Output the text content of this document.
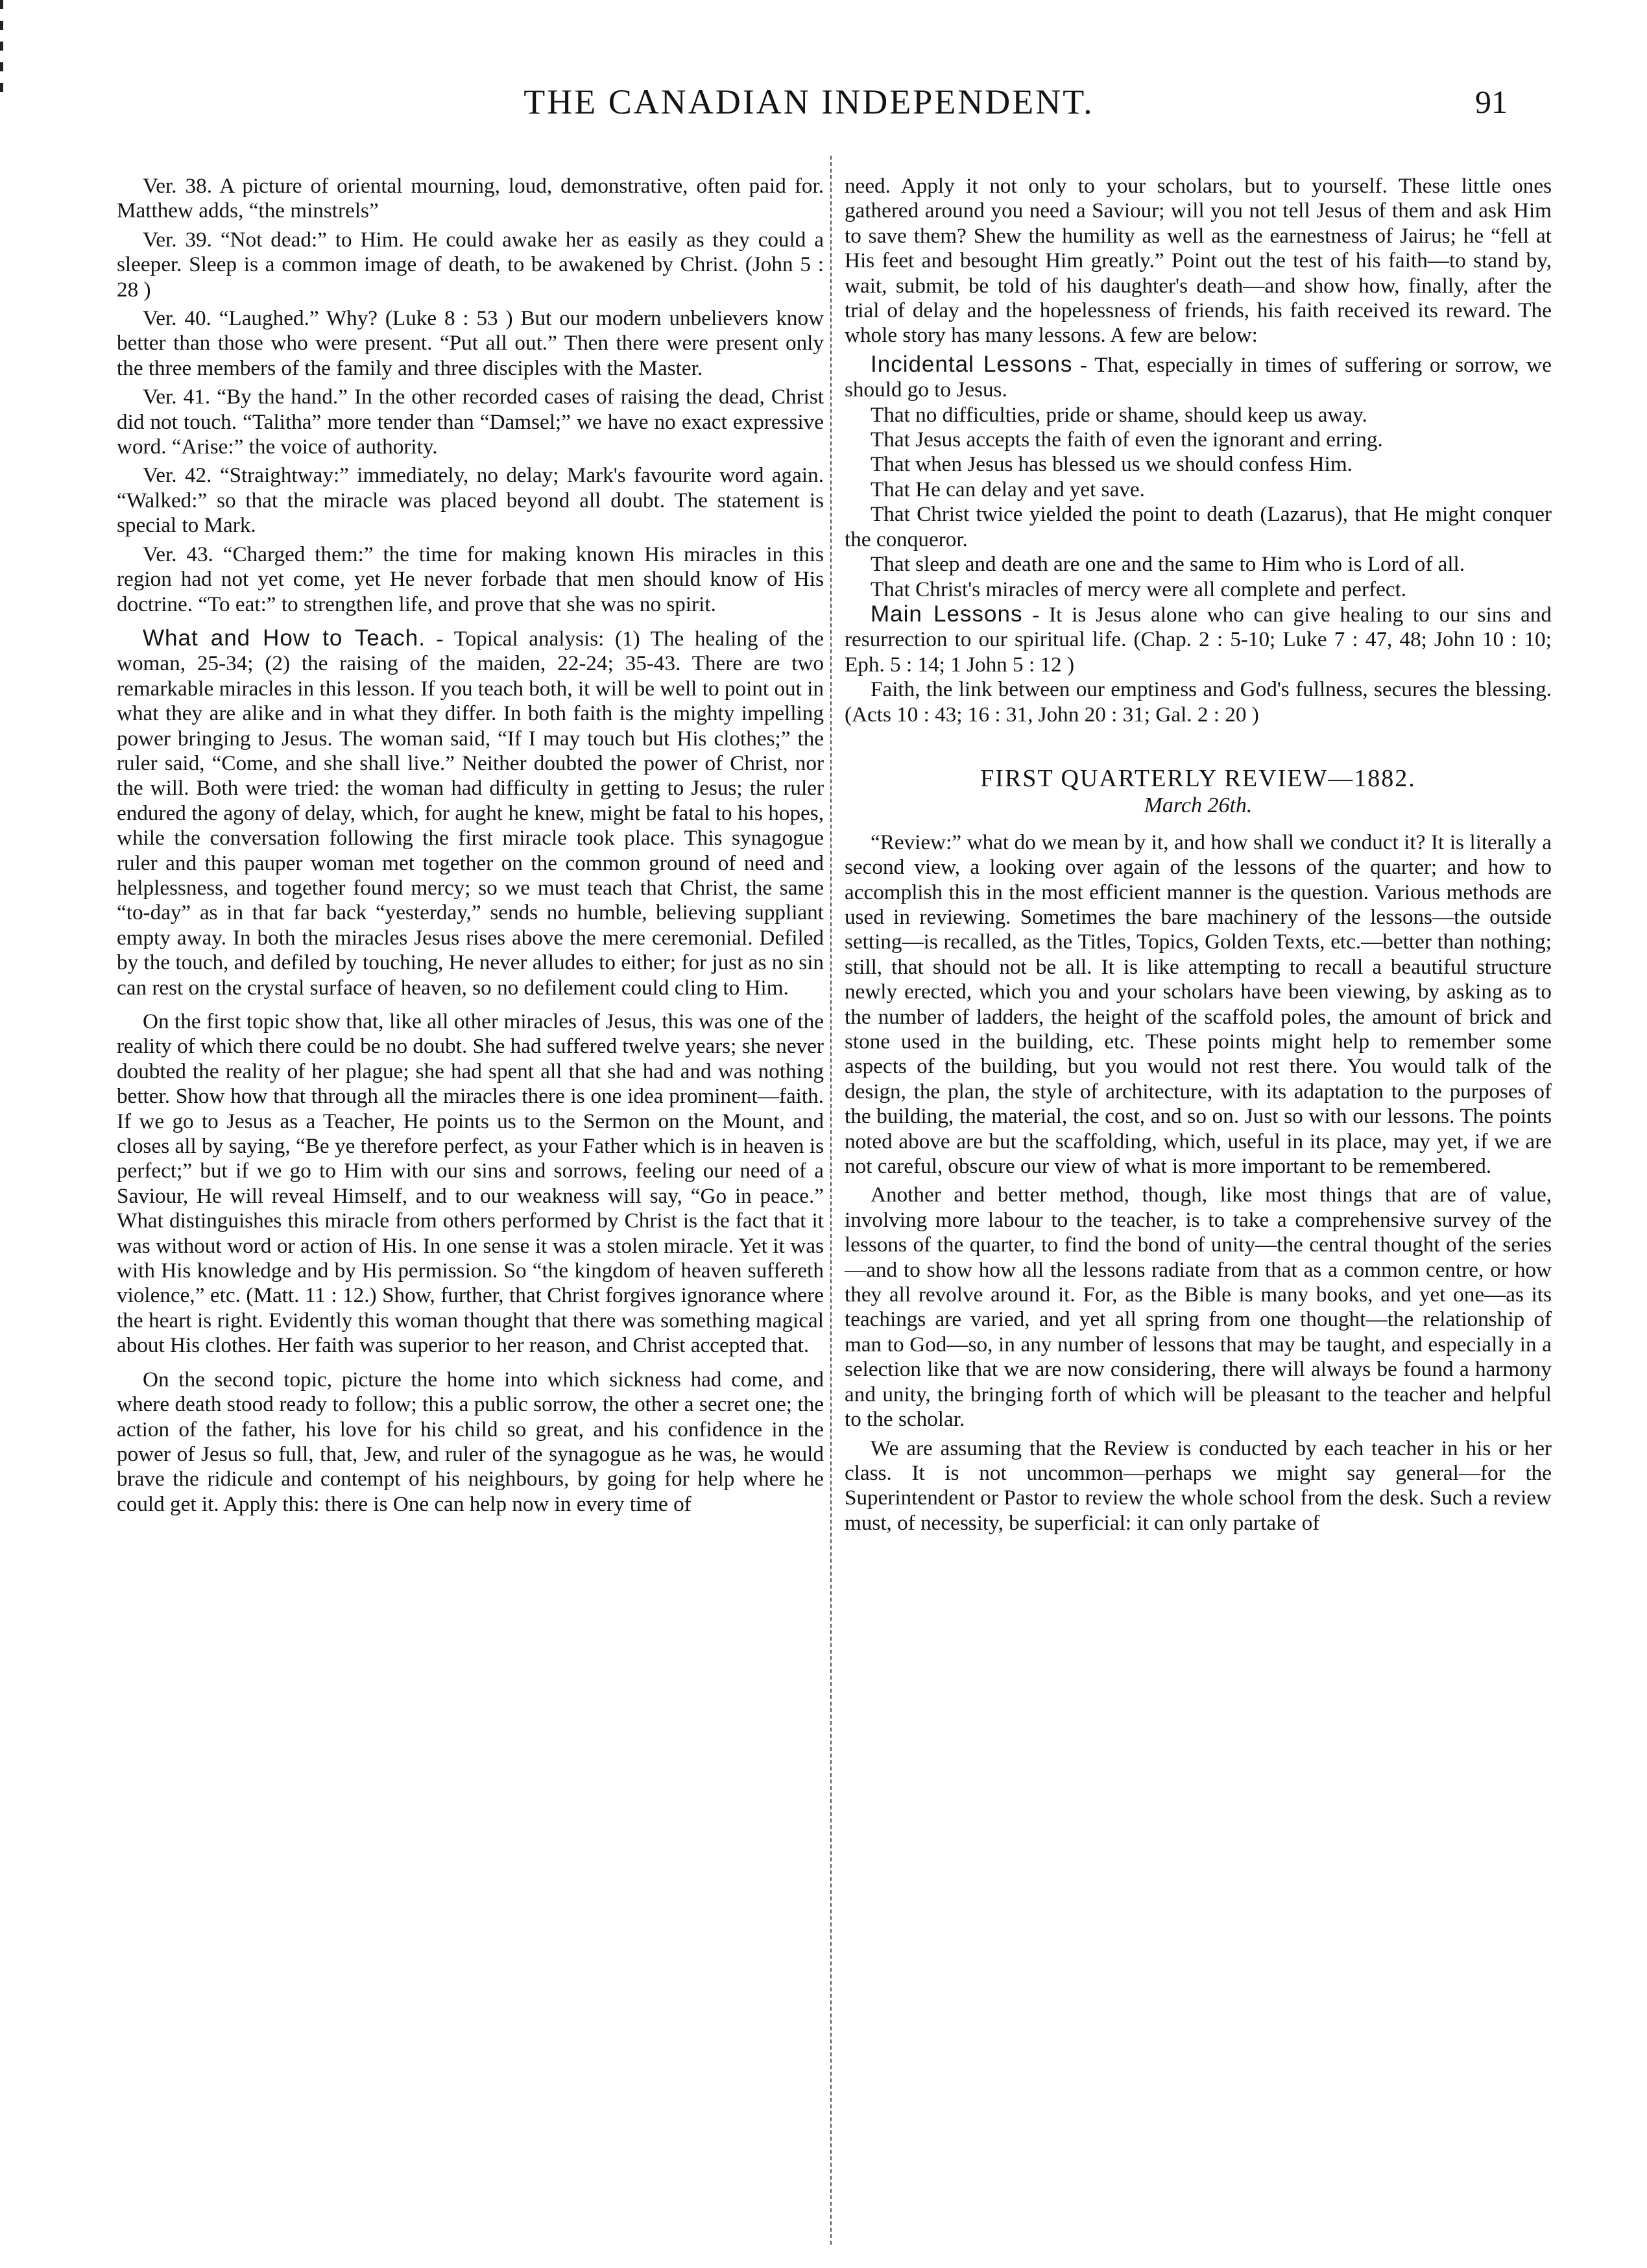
THE CANADIAN INDEPENDENT.	91

Ver. 38. A picture of oriental mourning, loud, demonstrative, often paid for. Matthew adds, “the minstrels”

Ver. 39. “Not dead:” to Him. He could awake her as easily as they could a sleeper. Sleep is a common image of death, to be awakened by Christ. (John 5 : 28 )

Ver. 40. “Laughed.” Why? (Luke 8 : 53 ) But our modern unbelievers know better than those who were present. “Put all out.” Then there were present only the three members of the family and three disciples with the Master.

Ver. 41. “By the hand.” In the other recorded cases of raising the dead, Christ did not touch. “Talitha” more tender than “Damsel;” we have no exact expressive word. “Arise:” the voice of authority.

Ver. 42. “Straightway:” immediately, no delay; Mark's favourite word again. “Walked:” so that the miracle was placed beyond all doubt. The statement is special to Mark.

Ver. 43. “Charged them:” the time for making known His miracles in this region had not yet come, yet He never forbade that men should know of His doctrine. “To eat:” to strengthen life, and prove that she was no spirit.

What and How to Teach. - Topical analysis: (1) The healing of the woman, 25-34; (2) the raising of the maiden, 22-24; 35-43. There are two remarkable miracles in this lesson. If you teach both, it will be well to point out in what they are alike and in what they differ. In both faith is the mighty impelling power bringing to Jesus. The woman said, “If I may touch but His clothes;” the ruler said, “Come, and she shall live.” Neither doubted the power of Christ, nor the will. Both were tried: the woman had difficulty in getting to Jesus; the ruler endured the agony of delay, which, for aught he knew, might be fatal to his hopes, while the conversation following the first miracle took place. This synagogue ruler and this pauper woman met together on the common ground of need and helplessness, and together found mercy; so we must teach that Christ, the same “to-day” as in that far back “yesterday,” sends no humble, believing suppliant empty away. In both the miracles Jesus rises above the mere ceremonial. Defiled by the touch, and defiled by touching, He never alludes to either; for just as no sin can rest on the crystal surface of heaven, so no defilement could cling to Him.

On the first topic show that, like all other miracles of Jesus, this was one of the reality of which there could be no doubt. She had suffered twelve years; she never doubted the reality of her plague; she had spent all that she had and was nothing better. Show how that through all the miracles there is one idea prominent—faith. If we go to Jesus as a Teacher, He points us to the Sermon on the Mount, and closes all by saying, “Be ye therefore perfect, as your Father which is in heaven is perfect;” but if we go to Him with our sins and sorrows, feeling our need of a Saviour, He will reveal Himself, and to our weakness will say, “Go in peace.” What distinguishes this miracle from others performed by Christ is the fact that it was without word or action of His. In one sense it was a stolen miracle. Yet it was with His knowledge and by His permission. So “the kingdom of heaven suffereth violence,” etc. (Matt. 11 : 12.) Show, further, that Christ forgives ignorance where the heart is right. Evidently this woman thought that there was something magical about His clothes. Her faith was superior to her reason, and Christ accepted that.

On the second topic, picture the home into which sickness had come, and where death stood ready to follow; this a public sorrow, the other a secret one; the action of the father, his love for his child so great, and his confidence in the power of Jesus so full, that, Jew, and ruler of the synagogue as he was, he would brave the ridicule and contempt of his neighbours, by going for help where he could get it. Apply this: there is One can help now in every time of

need. Apply it not only to your scholars, but to yourself. These little ones gathered around you need a Saviour; will you not tell Jesus of them and ask Him to save them? Shew the humility as well as the earnestness of Jairus; he “fell at His feet and besought Him greatly.” Point out the test of his faith—to stand by, wait, submit, be told of his daughter's death—and show how, finally, after the trial of delay and the hopelessness of friends, his faith received its reward. The whole story has many lessons. A few are below:

Incidental Lessons - That, especially in times of suffering or sorrow, we should go to Jesus.

That no difficulties, pride or shame, should keep us away.

That Jesus accepts the faith of even the ignorant and erring.

That when Jesus has blessed us we should confess Him.

That He can delay and yet save.

That Christ twice yielded the point to death (Lazarus), that He might conquer the conqueror.

That sleep and death are one and the same to Him who is Lord of all.

That Christ's miracles of mercy were all complete and perfect.

Main Lessons - It is Jesus alone who can give healing to our sins and resurrection to our spiritual life. (Chap. 2 : 5-10; Luke 7 : 47, 48; John 10 : 10; Eph. 5 : 14; 1 John 5 : 12 )

Faith, the link between our emptiness and God's fullness, secures the blessing. (Acts 10 : 43; 16 : 31, John 20 : 31; Gal. 2 : 20 )

FIRST QUARTERLY REVIEW—1882.
March 26th.

“Review:” what do we mean by it, and how shall we conduct it? It is literally a second view, a looking over again of the lessons of the quarter; and how to accomplish this in the most efficient manner is the question. Various methods are used in reviewing. Sometimes the bare machinery of the lessons—the outside setting—is recalled, as the Titles, Topics, Golden Texts, etc.—better than nothing; still, that should not be all. It is like attempting to recall a beautiful structure newly erected, which you and your scholars have been viewing, by asking as to the number of ladders, the height of the scaffold poles, the amount of brick and stone used in the building, etc. These points might help to remember some aspects of the building, but you would not rest there. You would talk of the design, the plan, the style of architecture, with its adaptation to the purposes of the building, the material, the cost, and so on. Just so with our lessons. The points noted above are but the scaffolding, which, useful in its place, may yet, if we are not careful, obscure our view of what is more important to be remembered.

Another and better method, though, like most things that are of value, involving more labour to the teacher, is to take a comprehensive survey of the lessons of the quarter, to find the bond of unity—the central thought of the series—and to show how all the lessons radiate from that as a common centre, or how they all revolve around it. For, as the Bible is many books, and yet one—as its teachings are varied, and yet all spring from one thought—the relationship of man to God—so, in any number of lessons that may be taught, and especially in a selection like that we are now considering, there will always be found a harmony and unity, the bringing forth of which will be pleasant to the teacher and helpful to the scholar.

We are assuming that the Review is conducted by each teacher in his or her class. It is not uncommon—perhaps we might say general—for the Superintendent or Pastor to review the whole school from the desk. Such a review must, of necessity, be superficial: it can only partake of
